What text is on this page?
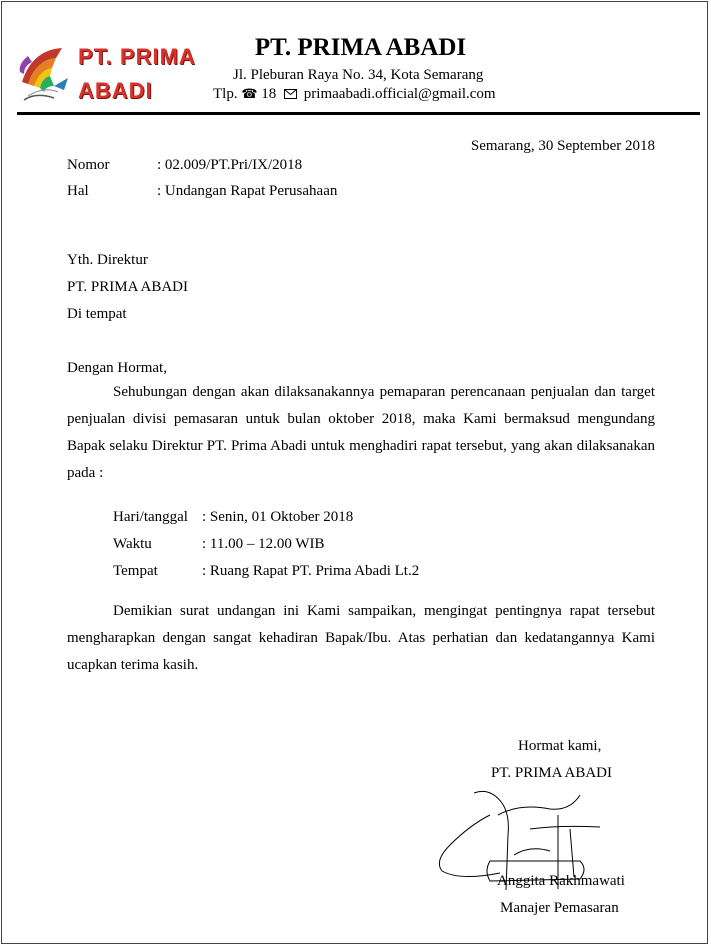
PT. PRIMA
ABADI
PT. PRIMA ABADI
Jl. Pleburan Raya No. 34, Kota Semarang
Tlp. ☎ 18 primaabadi.official@gmail.com
Semarang, 30 September 2018
Nomor	: 02.009/PT.Pri/IX/2018
Hal	: Undangan Rapat Perusahaan
Yth. Direktur
PT. PRIMA ABADI
Di tempat
Dengan Hormat,
Sehubungan dengan akan dilaksanakannya pemaparan perencanaan penjualan dan target penjualan divisi pemasaran untuk bulan oktober 2018, maka Kami bermaksud mengundang Bapak selaku Direktur PT. Prima Abadi untuk menghadiri rapat tersebut, yang akan dilaksanakan pada :
Hari/tanggal : Senin, 01 Oktober 2018
Waktu	: 11.00 – 12.00 WIB
Tempat	: Ruang Rapat PT. Prima Abadi Lt.2
Demikian surat undangan ini Kami sampaikan, mengingat pentingnya rapat tersebut mengharapkan dengan sangat kehadiran Bapak/Ibu. Atas perhatian dan kedatangannya Kami ucapkan terima kasih.
Hormat kami,
PT. PRIMA ABADI
Anggita Rakhmawati
Manajer Pemasaran
